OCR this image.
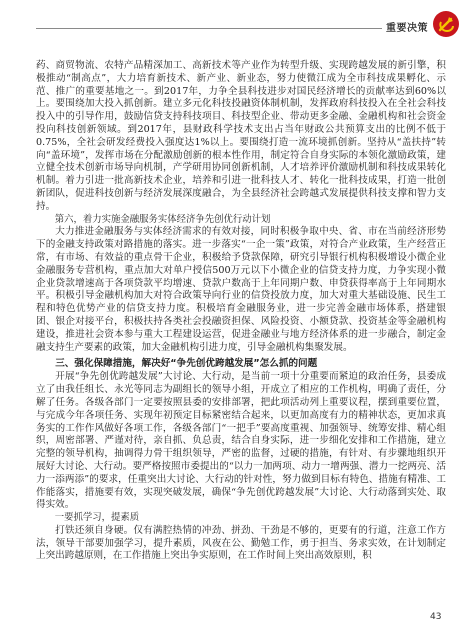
重要决策

药、商贸物流、农特产品精深加工、高新技术等产业作为转型升级、实现跨越发展的新引擎，积极推动“制高点”，大力培育新技术、新产业、新业态，努力使微江成为全市科技成果孵化、示范、推广的重要基地之一。到2017年，力争全县科技进步对国民经济增长的贡献率达到60%以上。要围绕加大投入抓创新。建立多元化科技投融资体制机制，发挥政府科技投入在全社会科技投入中的引导作用，鼓励信贷支持科技项目、科技型企业、带动更多金融、金融机构和社会资金投向科技创新领域。到2017年，县财政科学技术支出占当年财政公共预算支出的比例不低于0.75%，全社会研发经费投入强度达1%以上。要围绕打造一流环境抓创新。坚持从“盖扶持”转向“盖环境”，发挥市场在分配激励创新的根本性作用，制定符合自身实际的本领化激励政策，建立健全技术创新市场导向机制，产学研用协同创新机制，人才培养评价激励机制和科技成果转化机制。着力引进一批高新技术企业，培养和引进一批科技人才、转化一批科技成果，打造一批创新团队，促进科技创新与经济发展深度融合，为全县经济社会跨越式发展提供科技支撑和智力支持。

第六，着力实施金融服务实体经济争先创优行动计划

大力推进金融服务与实体经济需求的有效对接，同时积极争取中央、省、市在当前经济形势下的金融支持政策对路措施的落实。进一步落实“一企一策”政策，对符合产业政策，生产经营正常，有市场、有效益的重点骨干企业，积极给予贷款保障，研究引导银行机构积极增设小微企业金融服务专营机构，重点加大对单户授信500万元以下小微企业的信贷支持力度，力争实现小微企业贷款增速高于各项贷款平均增速、贷款户数高于上年同期户数、申贷获得率高于上年同期水平。积极引导金融机构加大对符合政策导向行业的信贷投放力度，加大对重大基础设施、民生工程和特色优势产业的信贷支持力度。积极培育金融服务业，进一步完善金融市场体系，搭建银团、银企对接平台，积极扶持各类社会投融资担保、风险投资、小额贷款、投资基金等金融机构建设，推进社会资本参与重大工程建设运营，促进金融业与地方经济体系的进一步融合，制定金融支持生产要素的政策，加大金融机构引进力度，引导金融机构集聚发展。

三、强化保障措施，解决好“争先创优跨越发展”怎么抓的问题

开展“争先创优跨越发展”大讨论、大行动，是当前一项十分重要而紧迫的政治任务，县委成立了由我任组长、永光等同志为副组长的领导小组，开成立了相应的工作机构，明确了责任，分解了任务。各级各部门一定要按照县委的安排部署，把此项活动列上重要议程，摆到重要位置，与完成今年各项任务、实现年初预定目标紧密结合起来，以更加高度有力的精神状态，更加求真务实的工作作风做好各项工作，各级各部门“一把手”要高度重视、加强领导、统筹安排、精心组织，周密部署、严谨对待，亲自抓、负总责，结合自身实际，进一步细化安排和工作措施，建立完整的领导机构，抽调得力骨干组织领导，严密的监督，过硬的措施，有针对、有步骤地组织开展好大讨论、大行动。要严格按照市委提出的“以力一加两项、动力一增两强、潜力一挖两亮、活力一添两添”的要求，任重突出大讨论、大行动的针对性，努力做到目标有特色、措施有精准、工作能落实，措施要有效，实现突破发展，确保“争先创优跨越发展”大讨论、大行动落到实处、取得实效。

一要抓学习，提素质

打铁还须自身硬。仅有满腔热情的冲劲、拼劲、干劲是不够的，更要有的行道，注意工作方法，领导干部要加强学习，提升素质，风夜在公、勤勉工作，勇于担当、务求实效，在计划制定上突出跨越原则，在工作措施上突出争实原则，在工作时间上突出高效原则，积

43
